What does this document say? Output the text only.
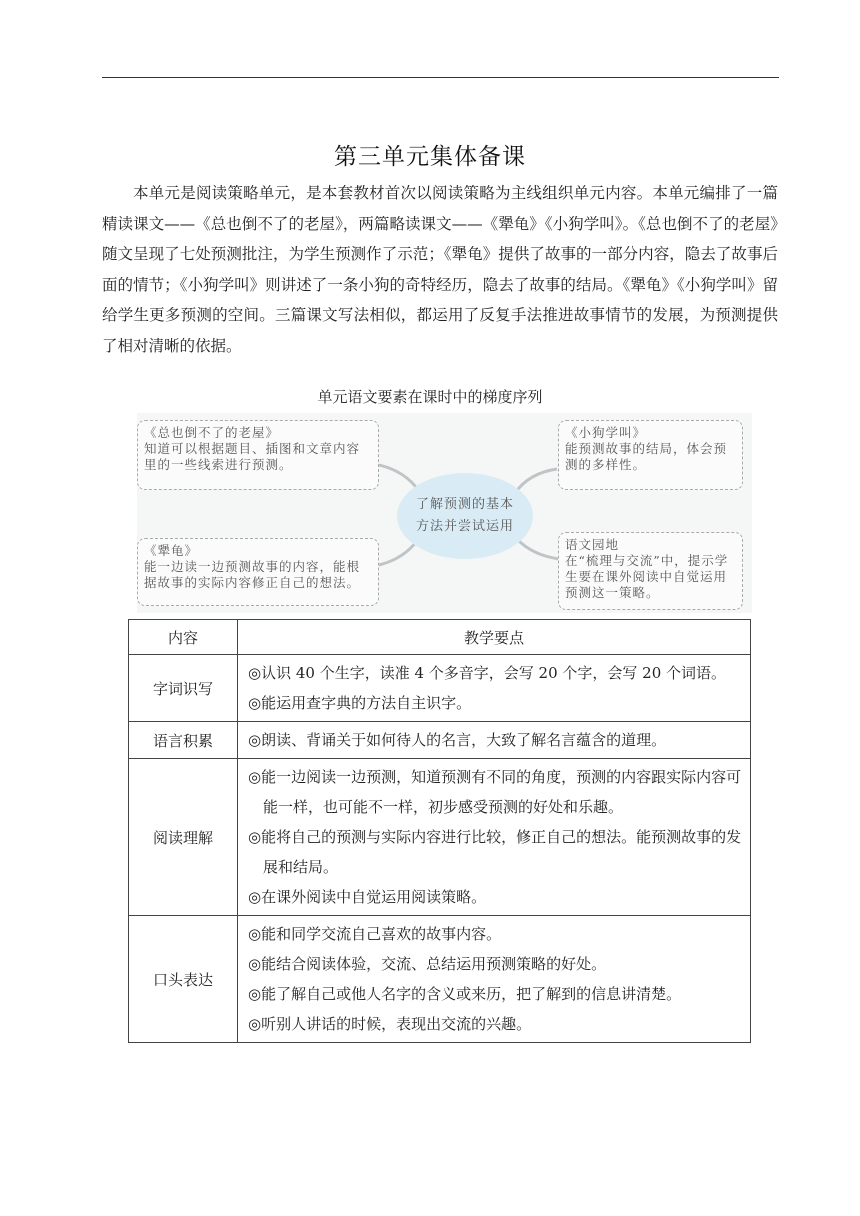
第三单元集体备课

本单元是阅读策略单元，是本套教材首次以阅读策略为主线组织单元内容。本单元编排了一篇精读课文——《总也倒不了的老屋》，两篇略读课文——《犟龟》《小狗学叫》。《总也倒不了的老屋》随文呈现了七处预测批注，为学生预测作了示范；《犟龟》提供了故事的一部分内容，隐去了故事后面的情节；《小狗学叫》则讲述了一条小狗的奇特经历，隐去了故事的结局。《犟龟》《小狗学叫》留给学生更多预测的空间。三篇课文写法相似，都运用了反复手法推进故事情节的发展，为预测提供了相对清晰的依据。

单元语文要素在课时中的梯度序列
《总也倒不了的老屋》
知道可以根据题目、插图和文章内容里的一些线索进行预测。
《小狗学叫》
能预测故事的结局，体会预测的多样性。
了解预测的基本
方法并尝试运用
《犟龟》
能一边读一边预测故事的内容，能根据故事的实际内容修正自己的想法。
语文园地
在“梳理与交流”中，提示学生要在课外阅读中自觉运用预测这一策略。
内容	教学要点
字词识写	◎认识 40 个生字，读准 4 个多音字，会写 20 个字，会写 20 个词语。
◎能运用查字典的方法自主识字。

语言积累	◎朗读、背诵关于如何待人的名言，大致了解名言蕴含的道理。

阅读理解	◎能一边阅读一边预测，知道预测有不同的角度，预测的内容跟实际内容可能一样，也可能不一样，初步感受预测的好处和乐趣。
◎能将自己的预测与实际内容进行比较，修正自己的想法。能预测故事的发展和结局。
◎在课外阅读中自觉运用阅读策略。

口头表达	◎能和同学交流自己喜欢的故事内容。
◎能结合阅读体验，交流、总结运用预测策略的好处。
◎能了解自己或他人名字的含义或来历，把了解到的信息讲清楚。
◎听别人讲话的时候，表现出交流的兴趣。
